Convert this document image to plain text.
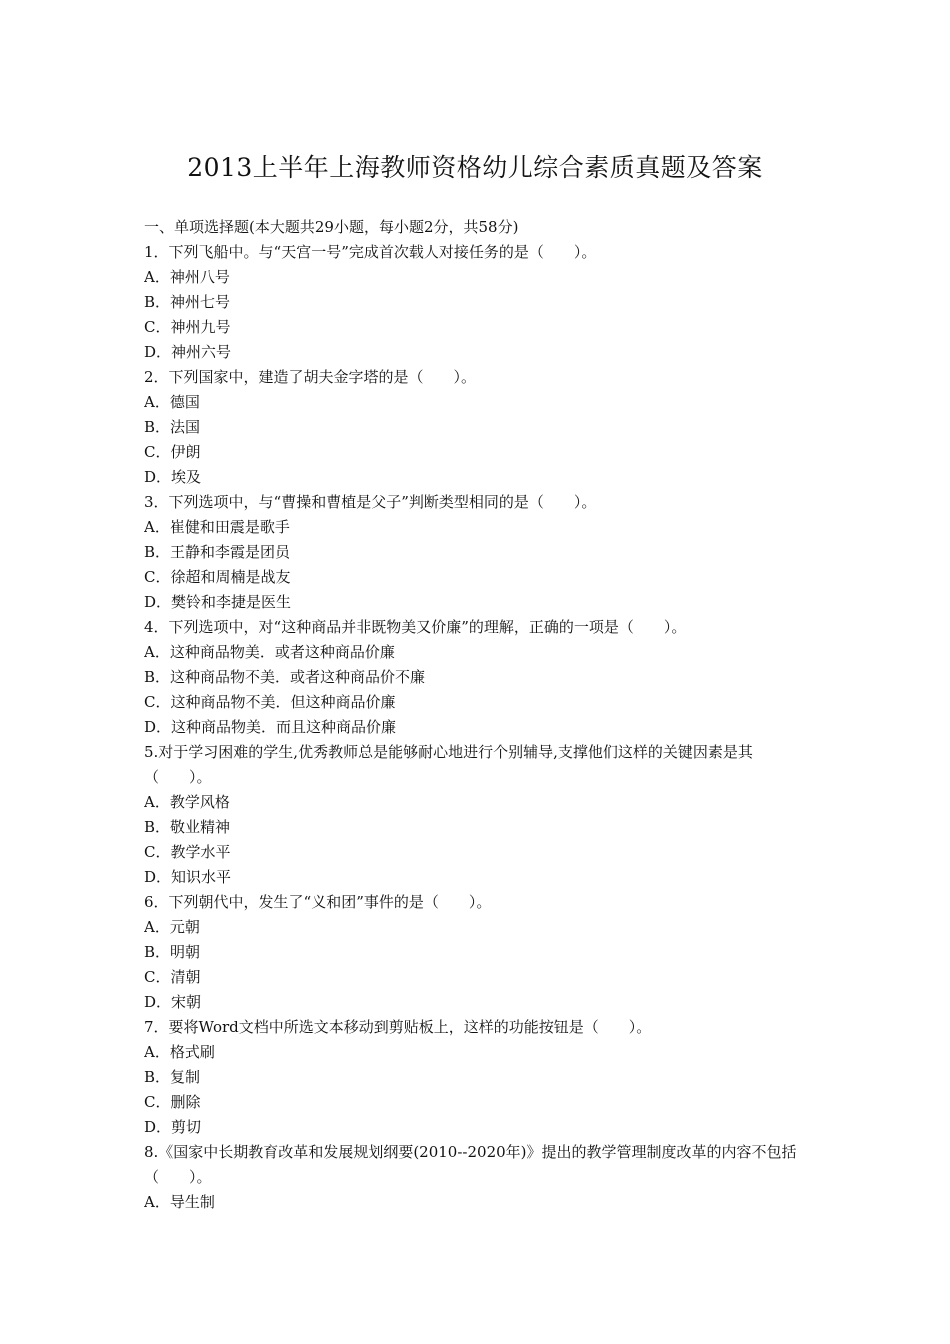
2013上半年上海教师资格幼儿综合素质真题及答案
一、单项选择题(本大题共29小题，每小题2分，共58分)
1．下列飞船中。与“天宫一号”完成首次载人对接任务的是（　　）。
A．神州八号
B．神州七号
C．神州九号
D．神州六号
2．下列国家中，建造了胡夫金字塔的是（　　）。
A．德国
B．法国
C．伊朗
D．埃及
3．下列选项中，与“曹操和曹植是父子”判断类型相同的是（　　）。
A．崔健和田震是歌手
B．王静和李霞是团员
C．徐超和周楠是战友
D．樊铃和李捷是医生
4．下列选项中，对“这种商品并非既物美又价廉”的理解，正确的一项是（　　）。
A．这种商品物美．或者这种商品价廉
B．这种商品物不美．或者这种商品价不廉
C．这种商品物不美．但这种商品价廉
D．这种商品物美．而且这种商品价廉
5.对于学习困难的学生,优秀教师总是能够耐心地进行个别辅导,支撑他们这样的关键因素是其（　　）。
A．教学风格
B．敬业精神
C．教学水平
D．知识水平
6．下列朝代中，发生了“义和团”事件的是（　　）。
A．元朝
B．明朝
C．清朝
D．宋朝
7．要将Word文档中所选文本移动到剪贴板上，这样的功能按钮是（　　）。
A．格式刷
B．复制
C．删除
D．剪切
8.《国家中长期教育改革和发展规划纲要(2010--2020年)》提出的教学管理制度改革的内容不包括（　　）。
A．导生制
